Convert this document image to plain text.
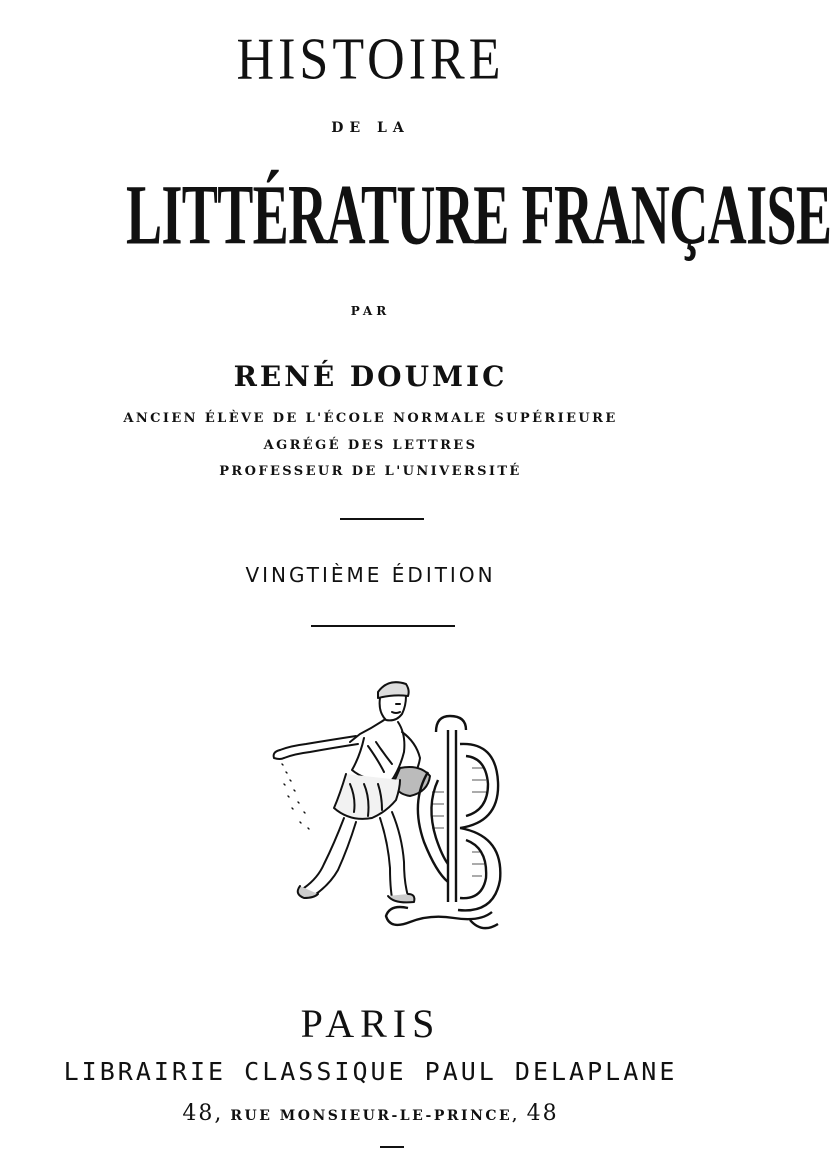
HISTOIRE
DE LA
LITTÉRATURE FRANÇAISE
PAR
RENÉ DOUMIC
ANCIEN ÉLÈVE DE L'ÉCOLE NORMALE SUPÉRIEURE
AGRÉGÉ DES LETTRES
PROFESSEUR DE L'UNIVERSITÉ
VINGTIÈME ÉDITION
PARIS
LIBRAIRIE CLASSIQUE PAUL DELAPLANE
48, RUE MONSIEUR-LE-PRINCE, 48
